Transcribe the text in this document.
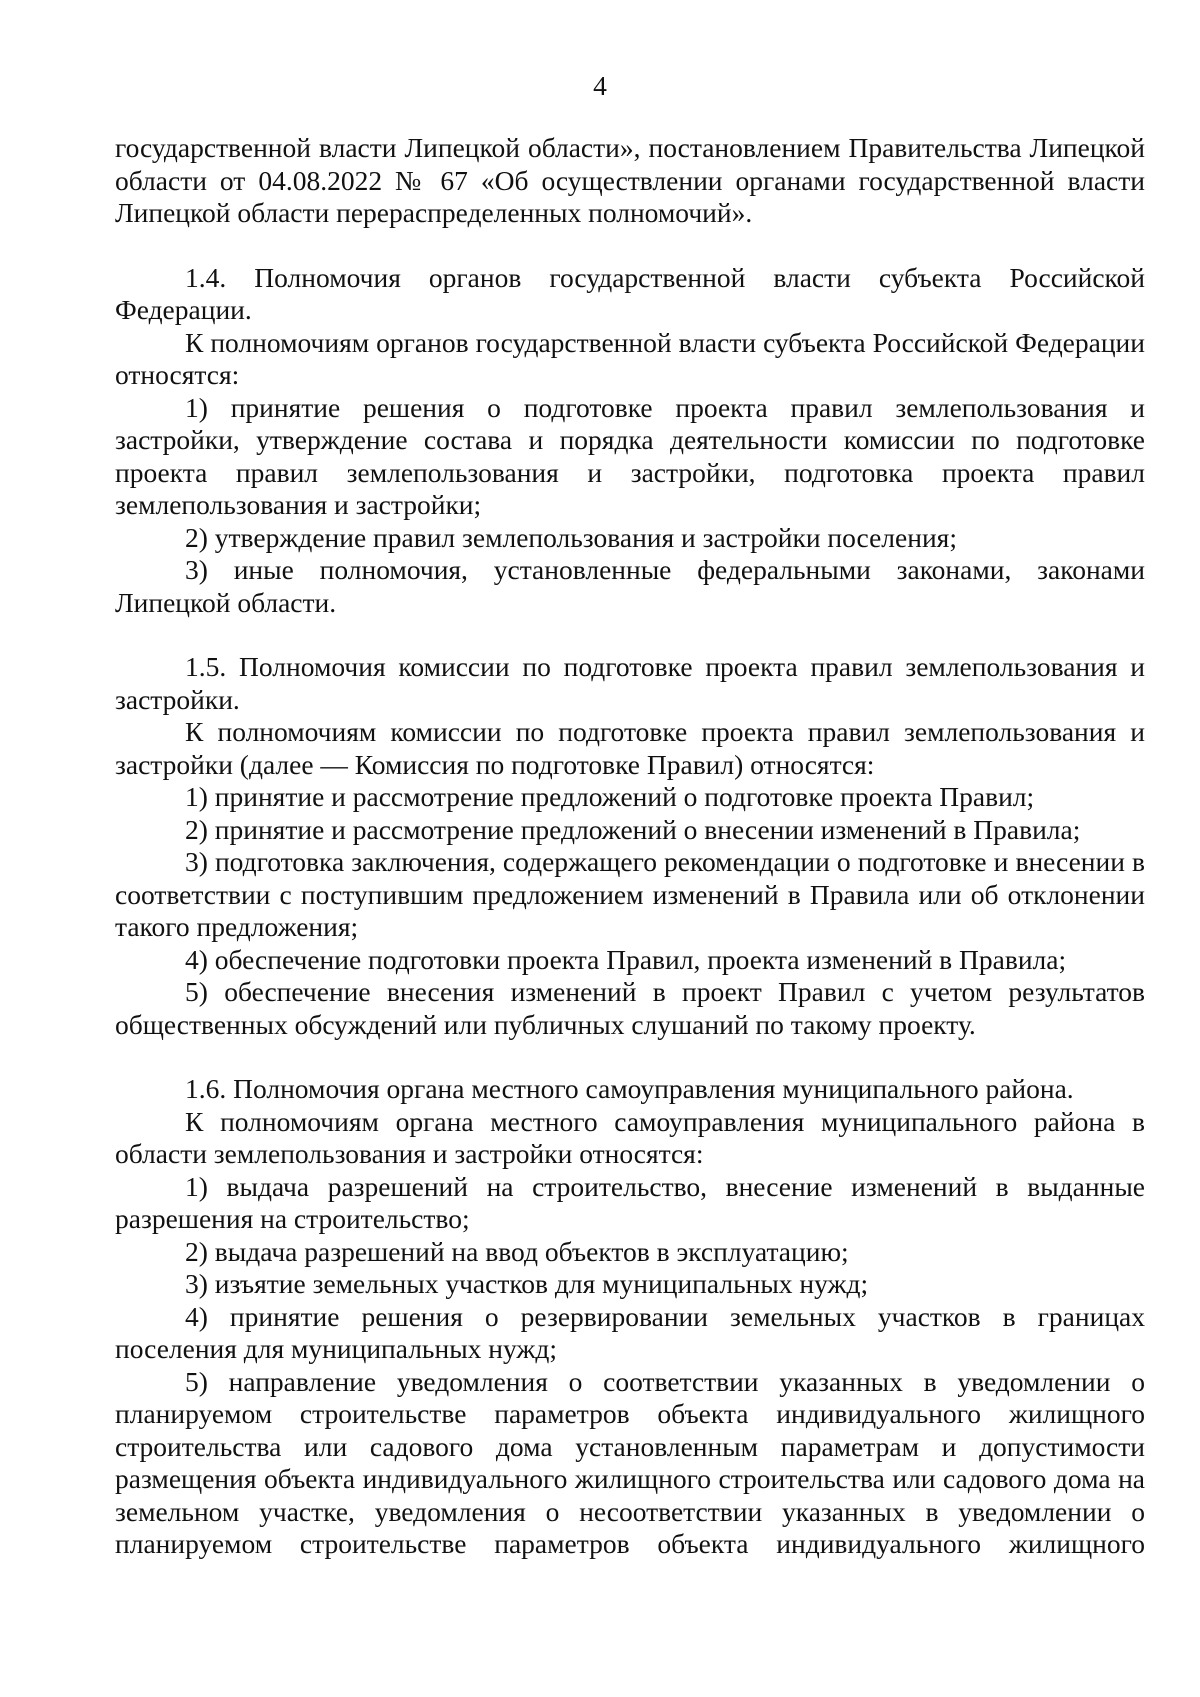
4

государственной власти Липецкой области», постановлением Правительства Липецкой области от 04.08.2022 № 67 «Об осуществлении органами государственной власти Липецкой области перераспределенных полномочий».

1.4. Полномочия органов государственной власти субъекта Российской Федерации.

К полномочиям органов государственной власти субъекта Российской Федерации относятся:

1) принятие решения о подготовке проекта правил землепользования и застройки, утверждение состава и порядка деятельности комиссии по подготовке проекта правил землепользования и застройки, подготовка проекта правил землепользования и застройки;

2) утверждение правил землепользования и застройки поселения;

3) иные полномочия, установленные федеральными законами, законами Липецкой области.

1.5. Полномочия комиссии по подготовке проекта правил землепользования и застройки.

К полномочиям комиссии по подготовке проекта правил землепользования и застройки (далее — Комиссия по подготовке Правил) относятся:

1) принятие и рассмотрение предложений о подготовке проекта Правил;

2) принятие и рассмотрение предложений о внесении изменений в Правила;

3) подготовка заключения, содержащего рекомендации о подготовке и внесении в соответствии с поступившим предложением изменений в Правила или об отклонении такого предложения;

4) обеспечение подготовки проекта Правил, проекта изменений в Правила;

5) обеспечение внесения изменений в проект Правил с учетом результатов общественных обсуждений или публичных слушаний по такому проекту.

1.6. Полномочия органа местного самоуправления муниципального района.

К полномочиям органа местного самоуправления муниципального района в области землепользования и застройки относятся:

1) выдача разрешений на строительство, внесение изменений в выданные разрешения на строительство;

2) выдача разрешений на ввод объектов в эксплуатацию;

3) изъятие земельных участков для муниципальных нужд;

4) принятие решения о резервировании земельных участков в границах поселения для муниципальных нужд;

5) направление уведомления о соответствии указанных в уведомлении о планируемом строительстве параметров объекта индивидуального жилищного строительства или садового дома установленным параметрам и допустимости размещения объекта индивидуального жилищного строительства или садового дома на земельном участке, уведомления о несоответствии указанных в уведомлении о планируемом строительстве параметров объекта индивидуального жилищного
